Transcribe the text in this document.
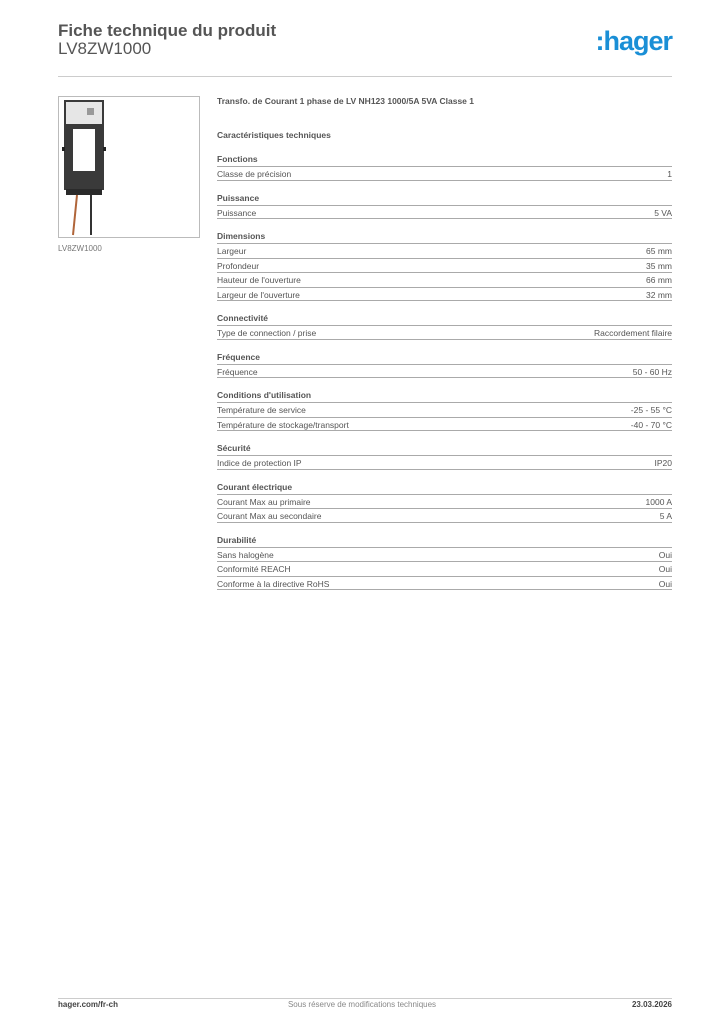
Fiche technique du produit
LV8ZW1000	:hager
LV8ZW1000
Transfo. de Courant 1 phase de LV NH123 1000/5A 5VA Classe 1
Caractéristiques techniques
Fonctions
Classe de précision	1
Puissance
Puissance	5 VA
Dimensions
Largeur	65 mm
Profondeur	35 mm
Hauteur de l'ouverture	66 mm
Largeur de l'ouverture	32 mm
Connectivité
Type de connection / prise	Raccordement filaire
Fréquence
Fréquence	50 - 60 Hz
Conditions d'utilisation
Température de service	-25 - 55 °C
Température de stockage/transport	-40 - 70 °C
Sécurité
Indice de protection IP	IP20
Courant électrique
Courant Max au primaire	1000 A
Courant Max au secondaire	5 A
Durabilité
Sans halogène	Oui
Conformité REACH	Oui
Conforme à la directive RoHS	Oui
hager.com/fr-ch	Sous réserve de modifications techniques	23.03.2026
